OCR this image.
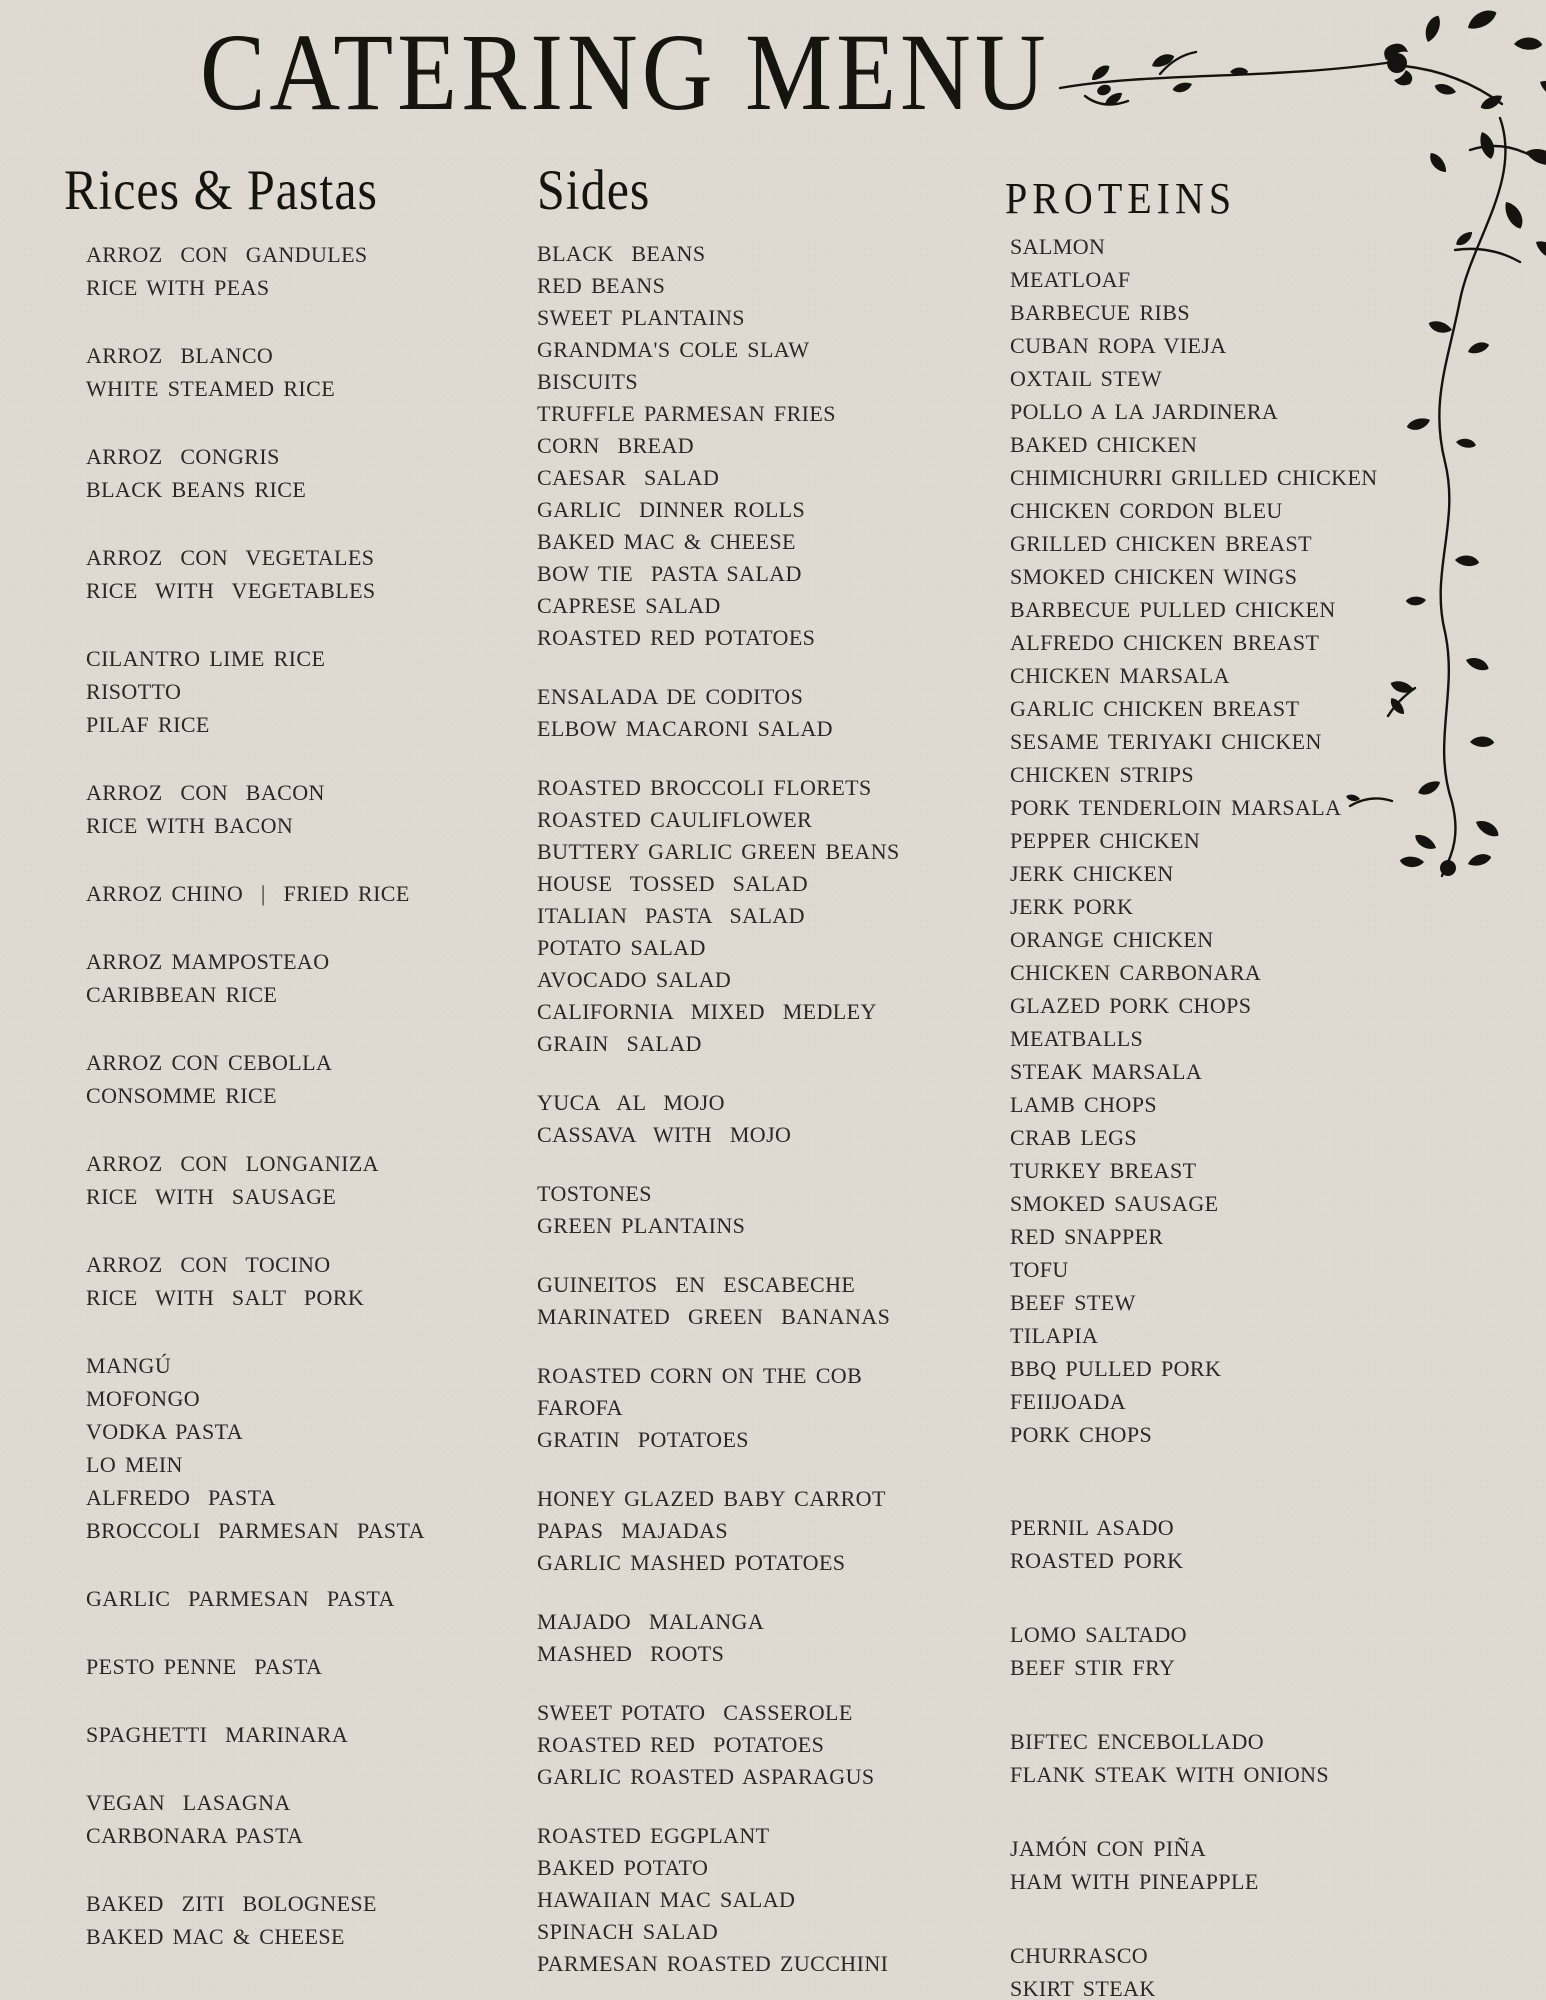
CATERING MENU
Rices & Pastas
ARROZ  CON  GANDULES
RICE WITH PEAS
ARROZ  BLANCO
WHITE STEAMED RICE
ARROZ  CONGRIS
BLACK BEANS RICE
ARROZ  CON  VEGETALES
RICE  WITH  VEGETABLES
CILANTRO LIME RICE
RISOTTO
PILAF RICE
ARROZ  CON  BACON
RICE WITH BACON
ARROZ CHINO  |  FRIED RICE
ARROZ MAMPOSTEAO
CARIBBEAN RICE
ARROZ CON CEBOLLA
CONSOMME RICE
ARROZ  CON  LONGANIZA
RICE  WITH  SAUSAGE
ARROZ  CON  TOCINO
RICE  WITH  SALT  PORK
MANGÚ
MOFONGO
VODKA PASTA
LO MEIN
ALFREDO  PASTA
BROCCOLI  PARMESAN  PASTA
GARLIC  PARMESAN  PASTA
PESTO PENNE  PASTA
SPAGHETTI  MARINARA
VEGAN  LASAGNA
CARBONARA PASTA
BAKED  ZITI  BOLOGNESE
BAKED MAC & CHEESE
Sides
BLACK  BEANS
RED BEANS
SWEET PLANTAINS
GRANDMA'S COLE SLAW
BISCUITS
TRUFFLE PARMESAN FRIES
CORN  BREAD
CAESAR  SALAD
GARLIC  DINNER ROLLS
BAKED MAC & CHEESE
BOW TIE  PASTA SALAD
CAPRESE SALAD
ROASTED RED POTATOES
ENSALADA DE CODITOS
ELBOW MACARONI SALAD
ROASTED BROCCOLI FLORETS
ROASTED CAULIFLOWER
BUTTERY GARLIC GREEN BEANS
HOUSE  TOSSED  SALAD
ITALIAN  PASTA  SALAD
POTATO SALAD
AVOCADO SALAD
CALIFORNIA  MIXED  MEDLEY
GRAIN  SALAD
YUCA  AL  MOJO
CASSAVA  WITH  MOJO
TOSTONES
GREEN PLANTAINS
GUINEITOS  EN  ESCABECHE
MARINATED  GREEN  BANANAS
ROASTED CORN ON THE COB
FAROFA
GRATIN  POTATOES
HONEY GLAZED BABY CARROT
PAPAS  MAJADAS
GARLIC MASHED POTATOES
MAJADO  MALANGA
MASHED  ROOTS
SWEET POTATO  CASSEROLE
ROASTED RED  POTATOES
GARLIC ROASTED ASPARAGUS
ROASTED EGGPLANT
BAKED POTATO
HAWAIIAN MAC SALAD
SPINACH SALAD
PARMESAN ROASTED ZUCCHINI
PROTEINS
SALMON
MEATLOAF
BARBECUE RIBS
CUBAN ROPA VIEJA
OXTAIL STEW
POLLO A LA JARDINERA
BAKED CHICKEN
CHIMICHURRI GRILLED CHICKEN
CHICKEN CORDON BLEU
GRILLED CHICKEN BREAST
SMOKED CHICKEN WINGS
BARBECUE PULLED CHICKEN
ALFREDO CHICKEN BREAST
CHICKEN MARSALA
GARLIC CHICKEN BREAST
SESAME TERIYAKI CHICKEN
CHICKEN STRIPS
PORK TENDERLOIN MARSALA
PEPPER CHICKEN
JERK CHICKEN
JERK PORK
ORANGE CHICKEN
CHICKEN CARBONARA
GLAZED PORK CHOPS
MEATBALLS
STEAK MARSALA
LAMB CHOPS
CRAB LEGS
TURKEY BREAST
SMOKED SAUSAGE
RED SNAPPER
TOFU
BEEF STEW
TILAPIA
BBQ PULLED PORK
FEIIJOADA
PORK CHOPS
PERNIL ASADO
ROASTED PORK
LOMO SALTADO
BEEF STIR FRY
BIFTEC ENCEBOLLADO
FLANK STEAK WITH ONIONS
JAMÓN CON PIÑA
HAM WITH PINEAPPLE
CHURRASCO
SKIRT STEAK
